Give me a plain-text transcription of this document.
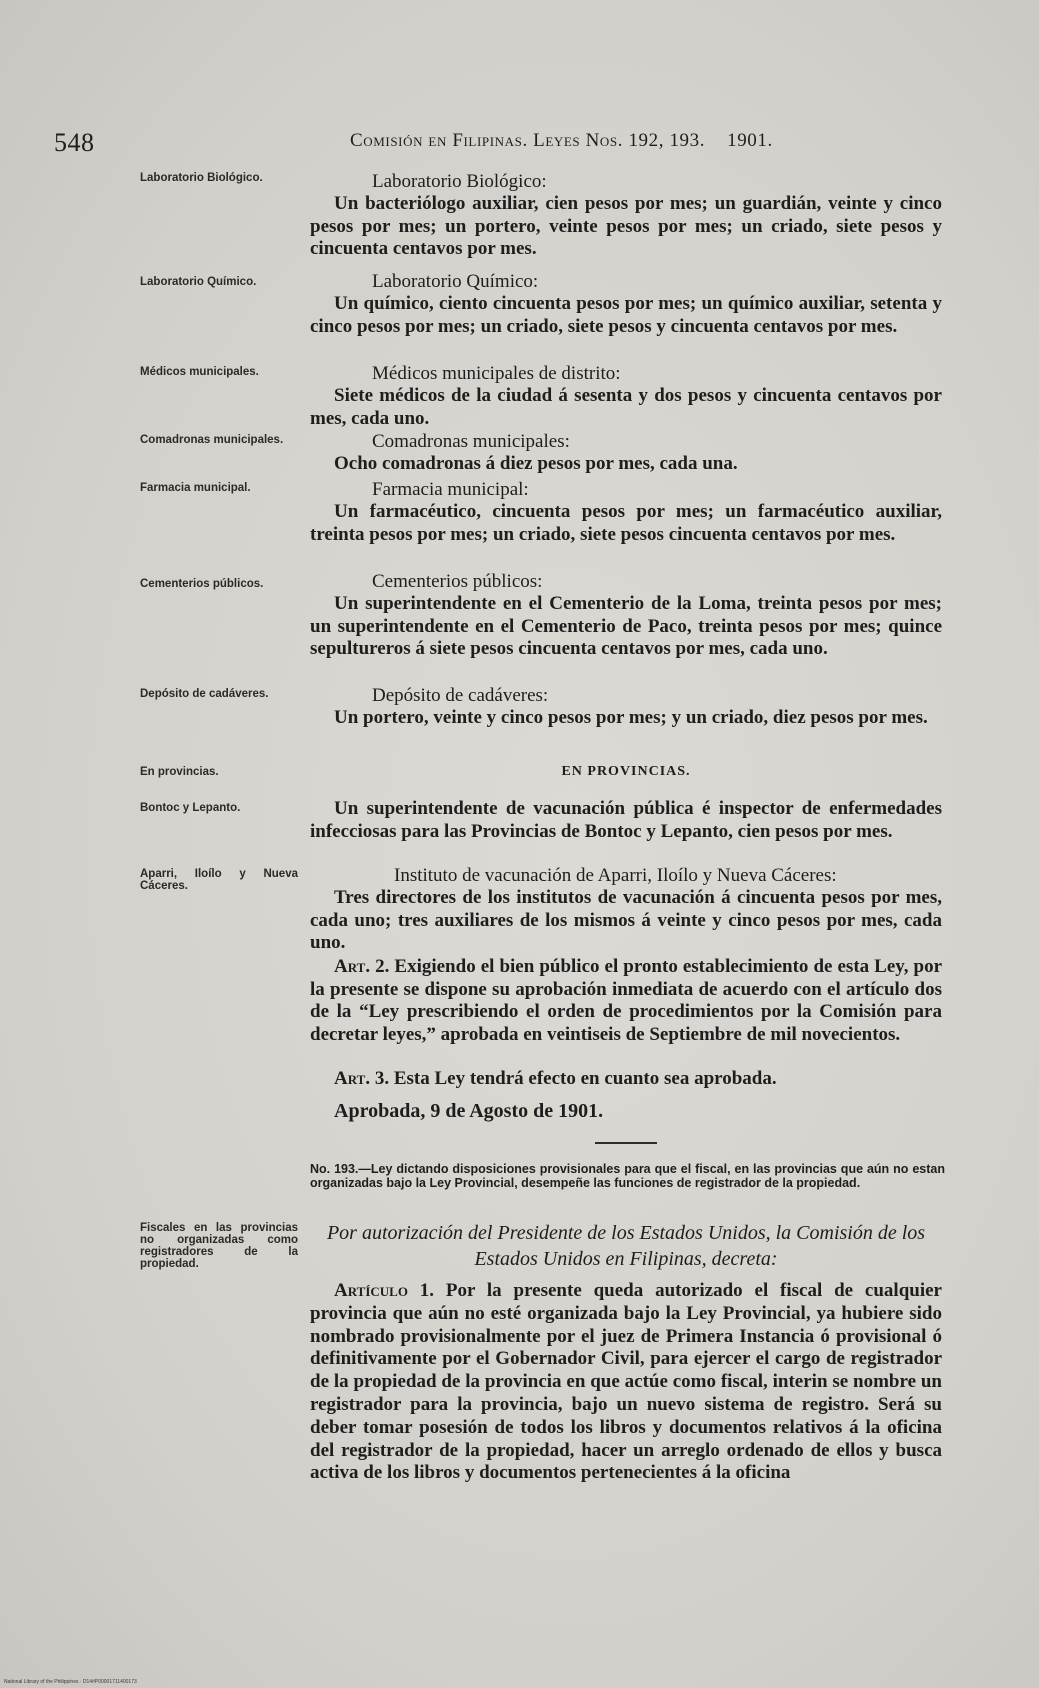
548	Comisión en Filipinas. Leyes Nos. 192, 193. 1901.
Laboratorio Biológico.
Laboratorio Químico.
Médicos municipales.
Comadronas municipales.
Farmacia municipal.
Cementerios públicos.
Depósito de cadáveres.
En provincias.
Bontoc y Lepanto.
Aparri, Iloílo y Nueva Cáceres.
Fiscales en las provincias no organizadas como registradores de la propiedad.
Laboratorio Biológico:
Un bacteriólogo auxiliar, cien pesos por mes; un guardián, veinte y cinco pesos por mes; un portero, veinte pesos por mes; un criado, siete pesos y cincuenta centavos por mes.
Laboratorio Químico:
Un químico, ciento cincuenta pesos por mes; un químico auxiliar, setenta y cinco pesos por mes; un criado, siete pesos y cincuenta centavos por mes.
Médicos municipales de distrito:
Siete médicos de la ciudad á sesenta y dos pesos y cincuenta centavos por mes, cada uno.
Comadronas municipales:
Ocho comadronas á diez pesos por mes, cada una.
Farmacia municipal:
Un farmacéutico, cincuenta pesos por mes; un farmacéutico auxiliar, treinta pesos por mes; un criado, siete pesos cincuenta centavos por mes.
Cementerios públicos:
Un superintendente en el Cementerio de la Loma, treinta pesos por mes; un superintendente en el Cementerio de Paco, treinta pesos por mes; quince sepultureros á siete pesos cincuenta centavos por mes, cada uno.
Depósito de cadáveres:
Un portero, veinte y cinco pesos por mes; y un criado, diez pesos por mes.
EN PROVINCIAS.
Un superintendente de vacunación pública é inspector de enfermedades infecciosas para las Provincias de Bontoc y Lepanto, cien pesos por mes.
Instituto de vacunación de Aparri, Iloílo y Nueva Cáceres:
Tres directores de los institutos de vacunación á cincuenta pesos por mes, cada uno; tres auxiliares de los mismos á veinte y cinco pesos por mes, cada uno.
Art. 2. Exigiendo el bien público el pronto establecimiento de esta Ley, por la presente se dispone su aprobación inmediata de acuerdo con el artículo dos de la “Ley prescribiendo el orden de procedimientos por la Comisión para decretar leyes,” aprobada en veintiseis de Septiembre de mil novecientos.
Art. 3. Esta Ley tendrá efecto en cuanto sea aprobada.
Aprobada, 9 de Agosto de 1901.
No. 193.—Ley dictando disposiciones provisionales para que el fiscal, en las provincias que aún no estan organizadas bajo la Ley Provincial, desempeñe las funciones de registrador de la propiedad.
Por autorización del Presidente de los Estados Unidos, la Comisión de los Estados Unidos en Filipinas, decreta:
Artículo 1. Por la presente queda autorizado el fiscal de cualquier provincia que aún no esté organizada bajo la Ley Provincial, ya hubiere sido nombrado provisionalmente por el juez de Primera Instancia ó provisional ó definitivamente por el Gobernador Civil, para ejercer el cargo de registrador de la propiedad de la provincia en que actúe como fiscal, interin se nombre un registrador para la provincia, bajo un nuevo sistema de registro. Será su deber tomar posesión de todos los libros y documentos relativos á la oficina del registrador de la propiedad, hacer un arreglo ordenado de ellos y busca activa de los libros y documentos pertenecientes á la oficina
National Library of the Philippines · D14#P00001711400173
